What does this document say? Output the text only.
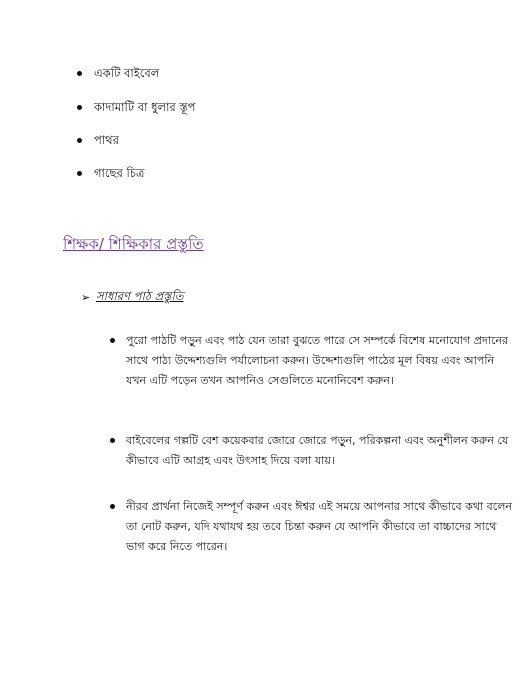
একটি বাইবেল
কাদামাটি বা ধুলার স্তূপ
পাথর
গাছের চিত্র
শিক্ষক/ শিক্ষিকার প্রস্তুতি
➢ সাধারণ পাঠ প্রস্তুতি
পুরো পাঠটি পড়ুন এবং পাঠ যেন তারা বুঝতে পারে সে সম্পর্কে বিশেষ মনোযোগ প্রদানের সাথে পাঠ্য উদ্দেশ্যগুলি পর্যালোচনা করুন। উদ্দেশ্যগুলি পাঠের মূল বিষয় এবং আপনি যখন এটি পড়েন তখন আপনিও সেগুলিতে মনোনিবেশ করুন।
বাইবেলের গল্পটি বেশ কয়েকবার জোরে জোরে পড়ুন, পরিকল্পনা এবং অনুশীলন করুন যে কীভাবে এটি আগ্রহ এবং উৎসাহ দিয়ে বলা যায়।
নীরব প্রার্থনা নিজেই সম্পূর্ণ করুন এবং ঈশ্বর এই সময়ে আপনার সাথে কীভাবে কথা বলেন তা নোট করুন, যদি যথাযথ হয় তবে চিন্তা করুন যে আপনি কীভাবে তা বাচ্চাদের সাথে ভাগ করে নিতে পারেন।
